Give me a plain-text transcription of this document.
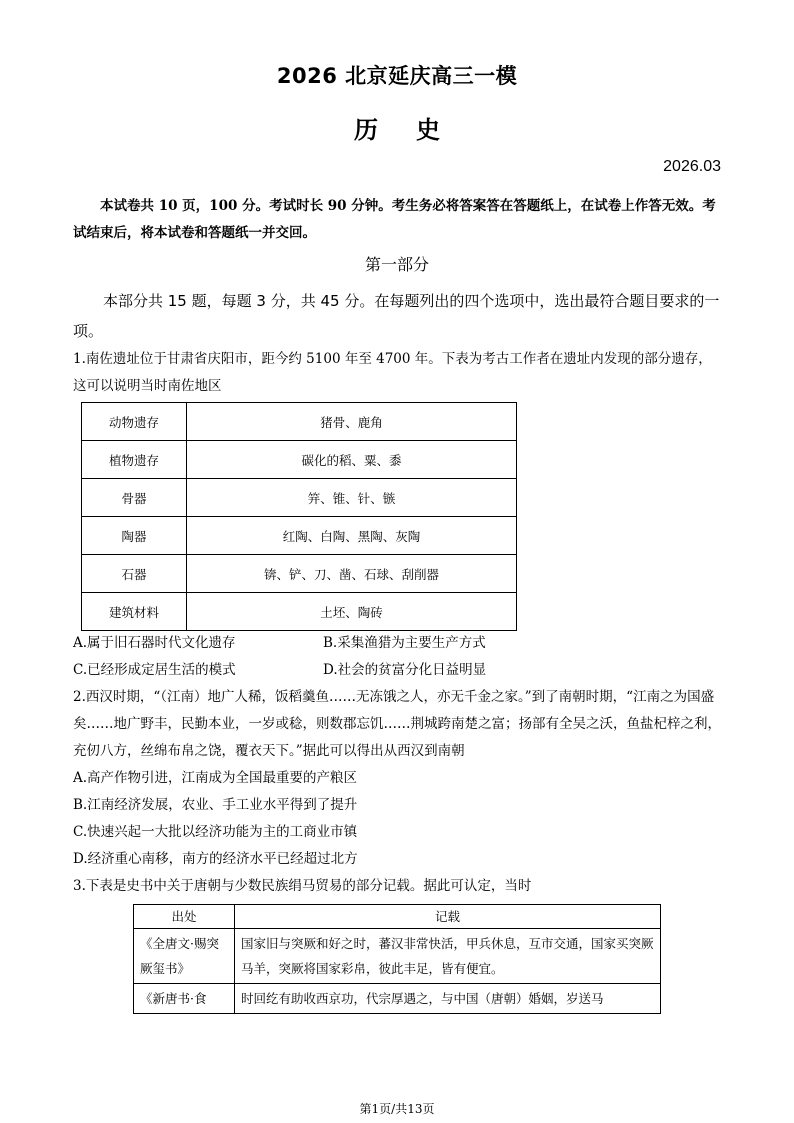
2026 北京延庆高三一模
历史
2026.03
本试卷共 10 页，100 分。考试时长 90 分钟。考生务必将答案答在答题纸上，在试卷上作答无效。考试结束后，将本试卷和答题纸一并交回。
第一部分
本部分共 15 题，每题 3 分，共 45 分。在每题列出的四个选项中，选出最符合题目要求的一项。
1.南佐遗址位于甘肃省庆阳市，距今约 5100 年至 4700 年。下表为考古工作者在遗址内发现的部分遗存，这可以说明当时南佐地区
动物遗存	猪骨、鹿角
植物遗存	碳化的稻、粟、黍
骨器	笄、锥、针、镞
陶器	红陶、白陶、黑陶、灰陶
石器	锛、铲、刀、凿、石球、刮削器
建筑材料	土坯、陶砖
A.属于旧石器时代文化遗存	B.采集渔猎为主要生产方式
C.已经形成定居生活的模式	D.社会的贫富分化日益明显
2.西汉时期，“（江南）地广人稀，饭稻羹鱼……无冻饿之人，亦无千金之家。”到了南朝时期，“江南之为国盛矣……地广野丰，民勤本业，一岁或稔，则数郡忘饥……荆城跨南楚之富；扬部有全吴之沃，鱼盐杞梓之利，充仞八方，丝绵布帛之饶，覆衣天下。”据此可以得出从西汉到南朝
A.高产作物引进，江南成为全国最重要的产粮区
B.江南经济发展，农业、手工业水平得到了提升
C.快速兴起一大批以经济功能为主的工商业市镇
D.经济重心南移，南方的经济水平已经超过北方
3.下表是史书中关于唐朝与少数民族绢马贸易的部分记载。据此可认定，当时
出处	记载
《全唐文·赐突厥玺书》	国家旧与突厥和好之时，蕃汉非常快活，甲兵休息，互市交通，国家买突厥马羊，突厥将国家彩帛，彼此丰足，皆有便宜。
《新唐书·食	时回纥有助收西京功，代宗厚遇之，与中国（唐朝）婚姻，岁送马
第1页/共13页
